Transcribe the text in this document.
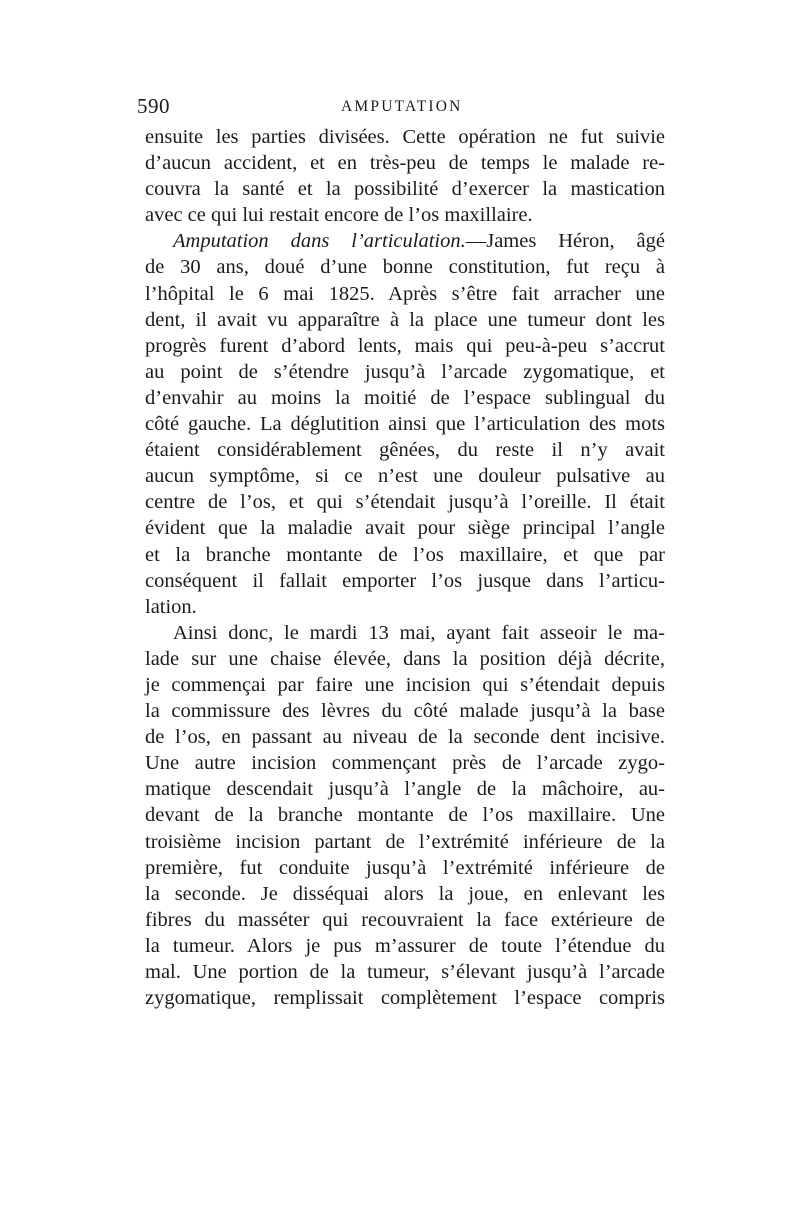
590	AMPUTATION
ensuite les parties divisées. Cette opération ne fut suivie
d’aucun accident, et en très-peu de temps le malade re-
couvra la santé et la possibilité d’exercer la mastication
avec ce qui lui restait encore de l’os maxillaire.
Amputation dans l’articulation.—James Héron, âgé
de 30 ans, doué d’une bonne constitution, fut reçu à
l’hôpital le 6 mai 1825. Après s’être fait arracher une
dent, il avait vu apparaître à la place une tumeur dont les
progrès furent d’abord lents, mais qui peu-à-peu s’accrut
au point de s’étendre jusqu’à l’arcade zygomatique, et
d’envahir au moins la moitié de l’espace sublingual du
côté gauche. La déglutition ainsi que l’articulation des mots
étaient considérablement gênées, du reste il n’y avait
aucun symptôme, si ce n’est une douleur pulsative au
centre de l’os, et qui s’étendait jusqu’à l’oreille. Il était
évident que la maladie avait pour siège principal l’angle
et la branche montante de l’os maxillaire, et que par
conséquent il fallait emporter l’os jusque dans l’articu-
lation.
Ainsi donc, le mardi 13 mai, ayant fait asseoir le ma-
lade sur une chaise élevée, dans la position déjà décrite,
je commençai par faire une incision qui s’étendait depuis
la commissure des lèvres du côté malade jusqu’à la base
de l’os, en passant au niveau de la seconde dent incisive.
Une autre incision commençant près de l’arcade zygo-
matique descendait jusqu’à l’angle de la mâchoire, au-
devant de la branche montante de l’os maxillaire. Une
troisième incision partant de l’extrémité inférieure de la
première, fut conduite jusqu’à l’extrémité inférieure de
la seconde. Je disséquai alors la joue, en enlevant les
fibres du masséter qui recouvraient la face extérieure de
la tumeur. Alors je pus m’assurer de toute l’étendue du
mal. Une portion de la tumeur, s’élevant jusqu’à l’arcade
zygomatique, remplissait complètement l’espace compris
